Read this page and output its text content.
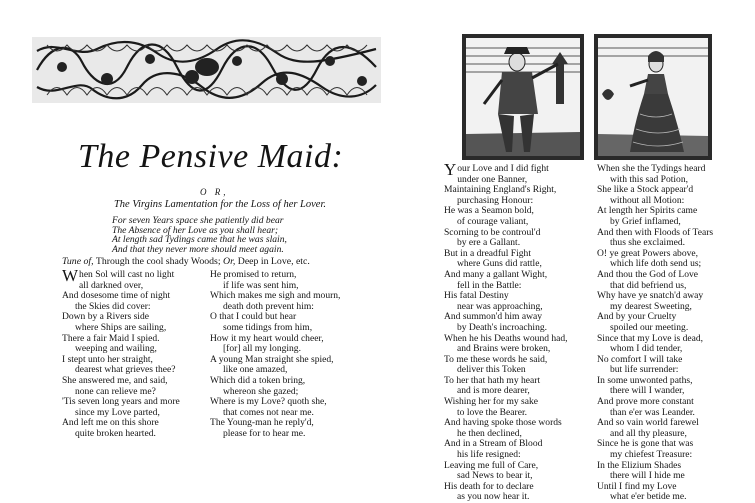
The Pensive Maid:
O R,
The Virgins Lamentation for the Loss of her Lover.
For seven Years space she patiently did bear
The Absence of her Love as you shall hear;
At length sad Tydings came that he was slain,
And that they never more should meet again.
Tune of, Through the cool shady Woods; Or, Deep in Love, etc.
When Sol will cast no light
all darkned over,
And dosesome time of night
the Skies did cover:
Down by a Rivers side
where Ships are sailing,
There a fair Maid I spied.
weeping and wailing,
I stept unto her straight,
dearest what grieves thee?
She answered me, and said,
none can relieve me?
'Tis seven long years and more
since my Love parted,
And left me on this shore
quite broken hearted.
He promised to return,
if life was sent him,
Which makes me sigh and mourn,
death doth prevent him:
O that I could but hear
some tidings from him,
How it my heart would cheer,
[for] all my longing.
A young Man straight she spied,
like one amazed,
Which did a token bring,
whereon she gazed;
Where is my Love? quoth she,
that comes not near me.
The Young-man he reply'd,
please for to hear me.
Your Love and I did fight
under one Banner,
Maintaining England's Right,
purchasing Honour:
He was a Seamon bold,
of courage valiant,
Scorning to be controul'd
by ere a Gallant.
But in a dreadful Fight
where Guns did rattle,
And many a gallant Wight,
fell in the Battle:
His fatal Destiny
near was approaching,
And summon'd him away
by Death's incroaching.
When he his Deaths wound had,
and Brains were broken,
To me these words he said,
deliver this Token
To her that hath my heart
and is more dearer,
Wishing her for my sake
to love the Bearer.
And having spoke those words
he then declined,
And in a Stream of Blood
his life resigned:
Leaving me full of Care,
sad News to bear it,
His death for to declare
as you now hear it.
When she the Tydings heard
with this sad Potion,
She like a Stock appear'd
without all Motion:
At length her Spirits came
by Grief inflamed,
And then with Floods of Tears
thus she exclaimed.
O! ye great Powers above,
which life doth send us;
And thou the God of Love
that did befriend us,
Why have ye snatch'd away
my dearest Sweeting,
And by your Cruelty
spoiled our meeting.
Since that my Love is dead,
whom I did tender,
No comfort I will take
but life surrender:
In some unwonted paths,
there will I wander,
And prove more constant
than e'er was Leander.
And so vain world farewel
and all thy pleasure,
Since he is gone that was
my chiefest Treasure:
In the Elizium Shades
there will I hide me
Until I find my Love
what e'er betide me.
